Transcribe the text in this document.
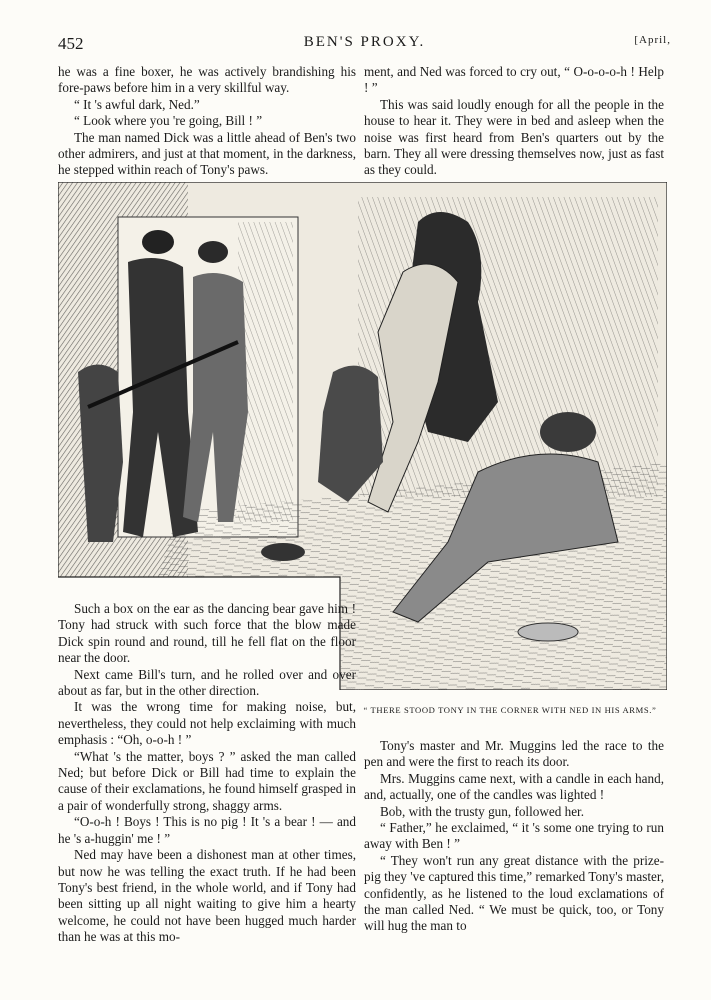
452	BEN'S PROXY.	[April,

he was a fine boxer, he was actively brandishing his fore-paws before him in a very skillful way.

“ It 's awful dark, Ned.”

“ Look where you 're going, Bill ! ”

The man named Dick was a little ahead of Ben's two other admirers, and just at that moment, in the darkness, he stepped within reach of Tony's paws.

ment, and Ned was forced to cry out, “ O-o-o-o-h ! Help ! ”

This was said loudly enough for all the people in the house to hear it. They were in bed and asleep when the noise was first heard from Ben's quarters out by the barn. They all were dressing themselves now, just as fast as they could.

“ THERE STOOD TONY IN THE CORNER WITH NED IN HIS ARMS.”

Such a box on the ear as the dancing bear gave him ! Tony had struck with such force that the blow made Dick spin round and round, till he fell flat on the floor near the door.

Next came Bill's turn, and he rolled over and over about as far, but in the other direction.

It was the wrong time for making noise, but, nevertheless, they could not help exclaiming with much emphasis : “Oh, o-o-h ! ”

“What 's the matter, boys ? ” asked the man called Ned; but before Dick or Bill had time to explain the cause of their exclamations, he found himself grasped in a pair of wonderfully strong, shaggy arms.

“O-o-h ! Boys ! This is no pig ! It 's a bear ! — and he 's a-huggin' me ! ”

Ned may have been a dishonest man at other times, but now he was telling the exact truth. If he had been Tony's best friend, in the whole world, and if Tony had been sitting up all night waiting to give him a hearty welcome, he could not have been hugged much harder than he was at this mo-

Tony's master and Mr. Muggins led the race to the pen and were the first to reach its door.

Mrs. Muggins came next, with a candle in each hand, and, actually, one of the candles was lighted !

Bob, with the trusty gun, followed her.

“ Father,” he exclaimed, “ it 's some one trying to run away with Ben ! ”

“ They won't run any great distance with the prize-pig they 've captured this time,” remarked Tony's master, confidently, as he listened to the loud exclamations of the man called Ned. “ We must be quick, too, or Tony will hug the man to
